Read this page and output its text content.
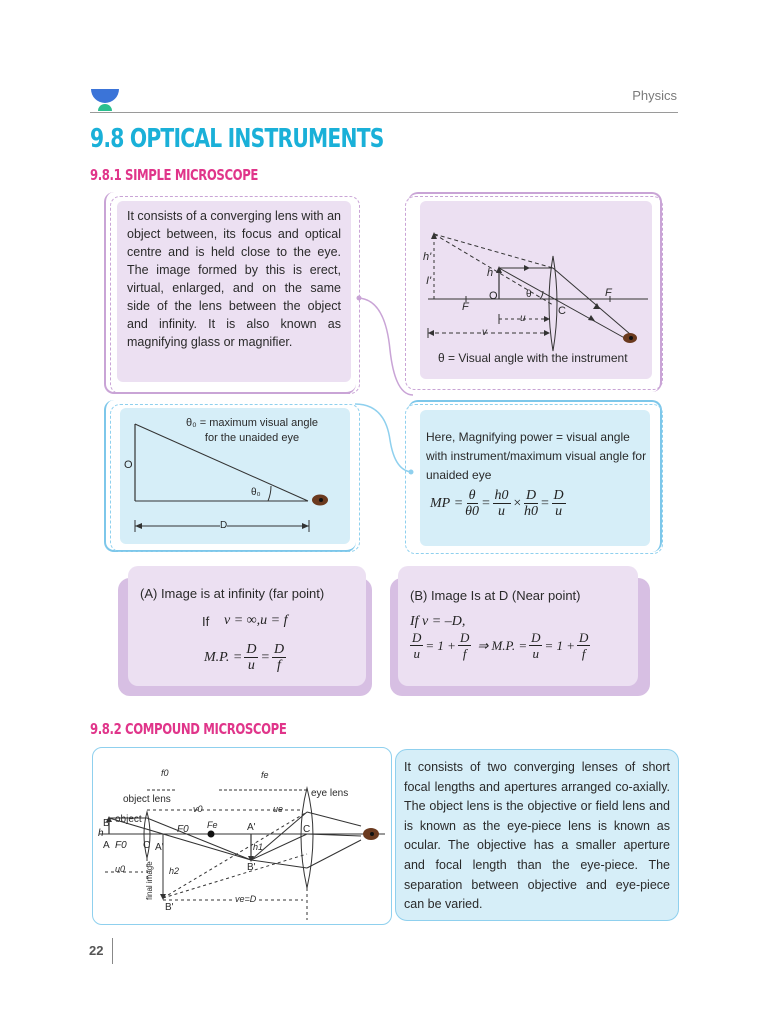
Physics
9.8 OPTICAL INSTRUMENTS
9.8.1 SIMPLE MICROSCOPE
It consists of a converging lens with an object between, its focus and optical centre and is held close to the eye. The image formed by this is erect, virtual, enlarged, and on the same side of the lens between the object and infinity. It is also known as magnifying glass or magnifier.
h'
I'
h
O
F
F
C
θ
u
v
θ = Visual angle with the instrument
θ₀ = maximum visual angle
for the unaided eye
O
θ₀
D
Here, Magnifying power = visual angle with instrument/maximum visual angle for unaided eye
MP
= $\frac{\theta}{\theta 0} = \frac{h0}{u} \times \frac{D}{h0} = \frac{D}{u}$
(A) Image is at infinity (far point)
If v = ∞,u = f
M.P. = $\frac{D}{u} = \frac{D}{f}$
(B) Image Is at D (Near point)
If v = –D,
$\frac{D}{u} = 1 + \frac{D}{f}$ ⇒ M.P. = $\frac{D}{u} = 1 + \frac{D}{f}$
9.8.2 COMPOUND MICROSCOPE
f0	fe
object lens
eye lens
v0	ue
B object
h
A F0
F0
C A'
Fe	A'	C
h1
B'
u0 final image h2
B'
ve=D
It consists of two converging lenses of short focal lengths and apertures arranged co-axially. The object lens is the objective or field lens and is known as the eye-piece lens is known as ocular. The objective has a smaller aperture and focal length than the eye-piece. The separation between objective and eye-piece can be varied.
22
